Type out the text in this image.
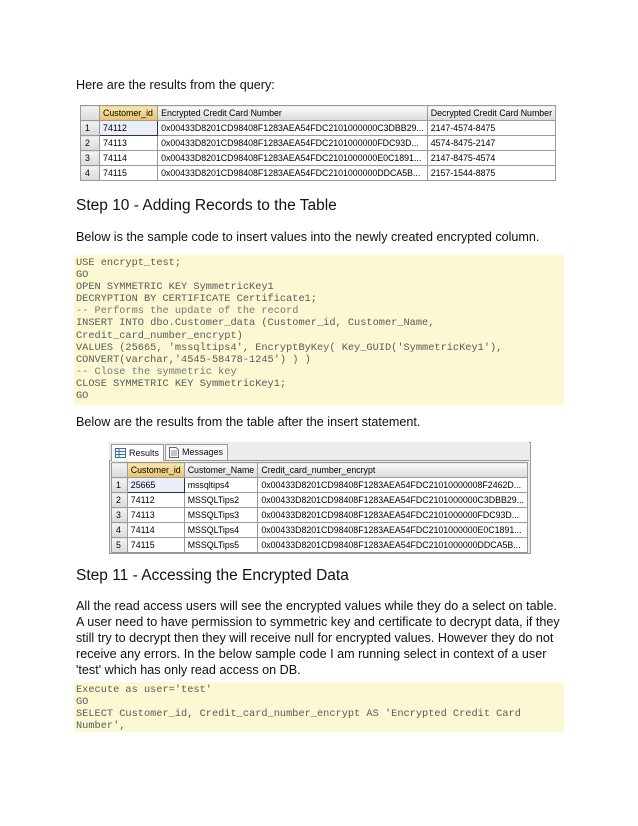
Here are the results from the query:

	Customer_id	Encrypted Credit Card Number	Decrypted Credit Card Number
1	74112	0x00433D8201CD98408F1283AEA54FDC2101000000C3DBB29...	2147-4574-8475
2	74113	0x00433D8201CD98408F1283AEA54FDC2101000000FDC93D...	4574-8475-2147
3	74114	0x00433D8201CD98408F1283AEA54FDC2101000000E0C1891...	2147-8475-4574
4	74115	0x00433D8201CD98408F1283AEA54FDC2101000000DDCA5B...	2157-1544-8875
Step 10 - Adding Records to the Table

Below is the sample code to insert values into the newly created encrypted column.

USE encrypt_test;
GO
OPEN SYMMETRIC KEY SymmetricKey1
DECRYPTION BY CERTIFICATE Certificate1;
-- Performs the update of the record
INSERT INTO dbo.Customer_data (Customer_id, Customer_Name,
Credit_card_number_encrypt)
VALUES (25665, 'mssqltips4', EncryptByKey( Key_GUID('SymmetricKey1'),
CONVERT(varchar,'4545-58478-1245') ) )
-- Close the symmetric key
CLOSE SYMMETRIC KEY SymmetricKey1;
GO

Below are the results from the table after the insert statement.

Results	Messages
	Customer_id	Customer_Name	Credit_card_number_encrypt
1	25665	mssqltips4	0x00433D8201CD98408F1283AEA54FDC21010000008F2462D...
2	74112	MSSQLTips2	0x00433D8201CD98408F1283AEA54FDC2101000000C3DBB29...
3	74113	MSSQLTips3	0x00433D8201CD98408F1283AEA54FDC2101000000FDC93D...
4	74114	MSSQLTips4	0x00433D8201CD98408F1283AEA54FDC2101000000E0C1891...
5	74115	MSSQLTips5	0x00433D8201CD98408F1283AEA54FDC2101000000DDCA5B...
Step 11 - Accessing the Encrypted Data

All the read access users will see the encrypted values while they do a select on table. A user need to have permission to symmetric key and certificate to decrypt data, if they still try to decrypt then they will receive null for encrypted values. However they do not receive any errors. In the below sample code I am running select in context of a user 'test' which has only read access on DB.

Execute as user='test'
GO
SELECT Customer_id, Credit_card_number_encrypt AS 'Encrypted Credit Card
Number',
